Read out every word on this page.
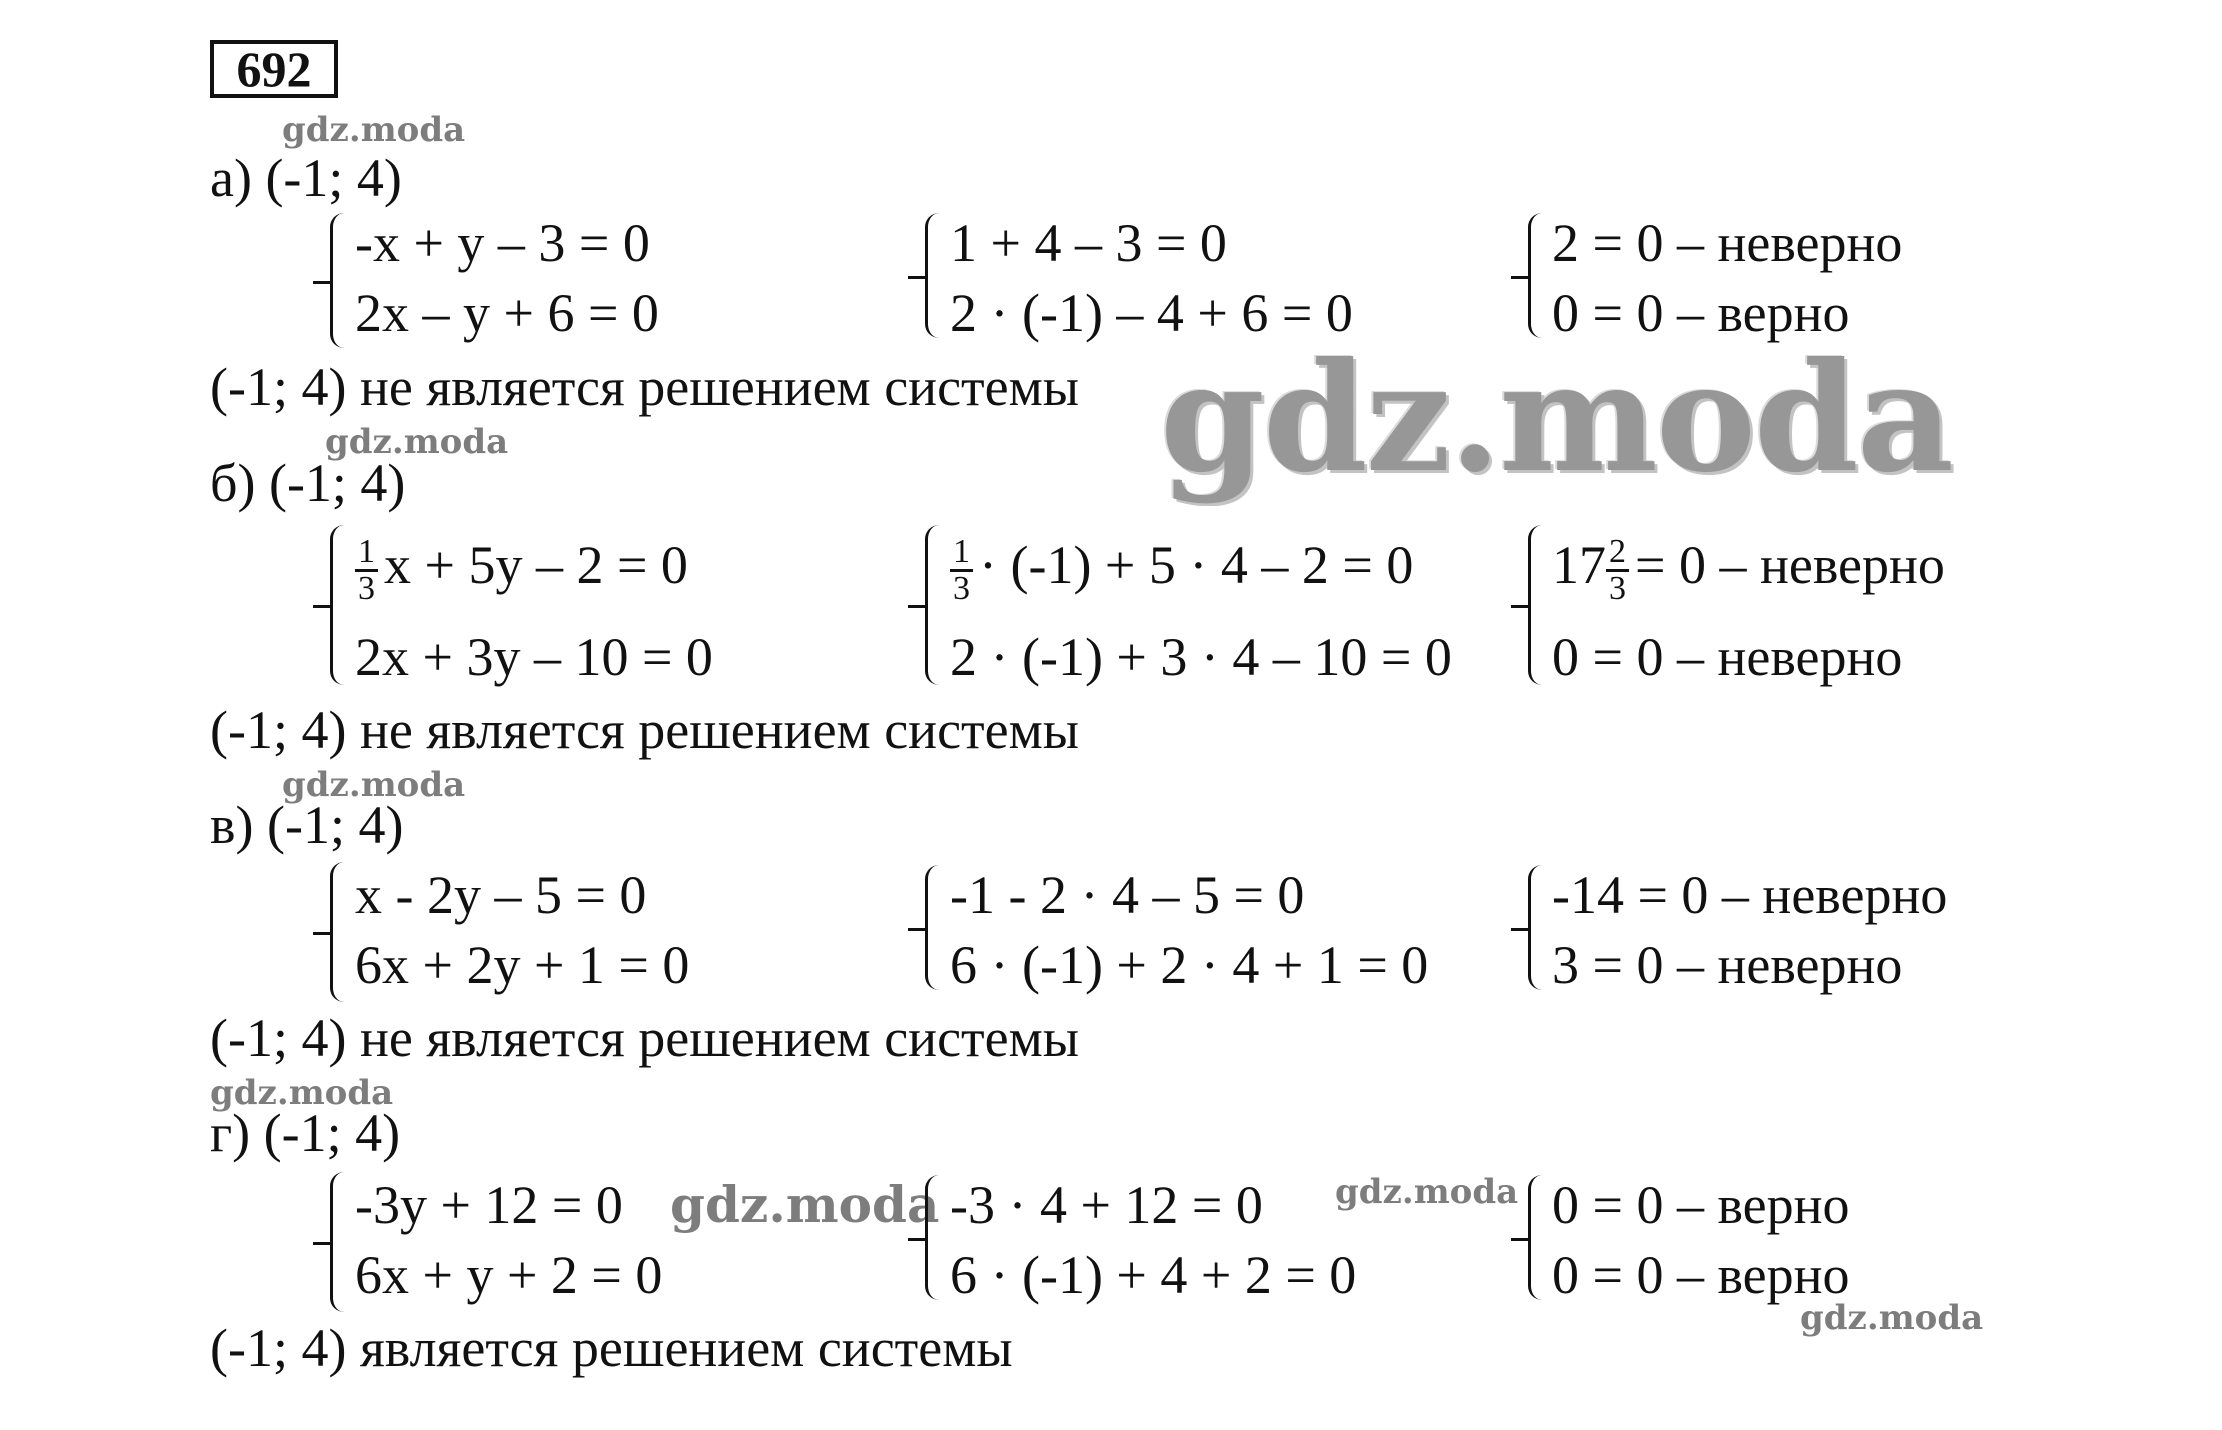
692
gdz.moda
gdz.moda
gdz.moda
gdz.moda
gdz.moda	gdz.moda
gdz.moda
gdz.moda
а) (-1; 4)
-x + y – 3 = 0
2x – y + 6 = 0
1 + 4 – 3 = 0
2 · (-1) – 4 + 6 = 0
2 = 0 – неверно
0 = 0 – верно
(-1; 4) не является решением системы
б) (-1; 4)
$\frac{1}{3}$ x + 5y – 2 = 0
2x + 3y – 10 = 0
$\frac{1}{3} \cdot (-1) + 5 \cdot 4 - 2 = 0$
2 · (-1) + 3 · 4 – 10 = 0
$17 \frac{2}{3} = 0$ – неверно
0 = 0 – неверно
(-1; 4) не является решением системы
в) (-1; 4)
x - 2y – 5 = 0
6x + 2y + 1 = 0
-1 - 2 · 4 – 5 = 0
6 · (-1) + 2 · 4 + 1 = 0
-14 = 0 – неверно
3 = 0 – неверно
(-1; 4) не является решением системы
г) (-1; 4)
-3y + 12 = 0
6x + y + 2 = 0
-3 · 4 + 12 = 0
6 · (-1) + 4 + 2 = 0
0 = 0 – верно
0 = 0 – верно
(-1; 4) является решением системы
